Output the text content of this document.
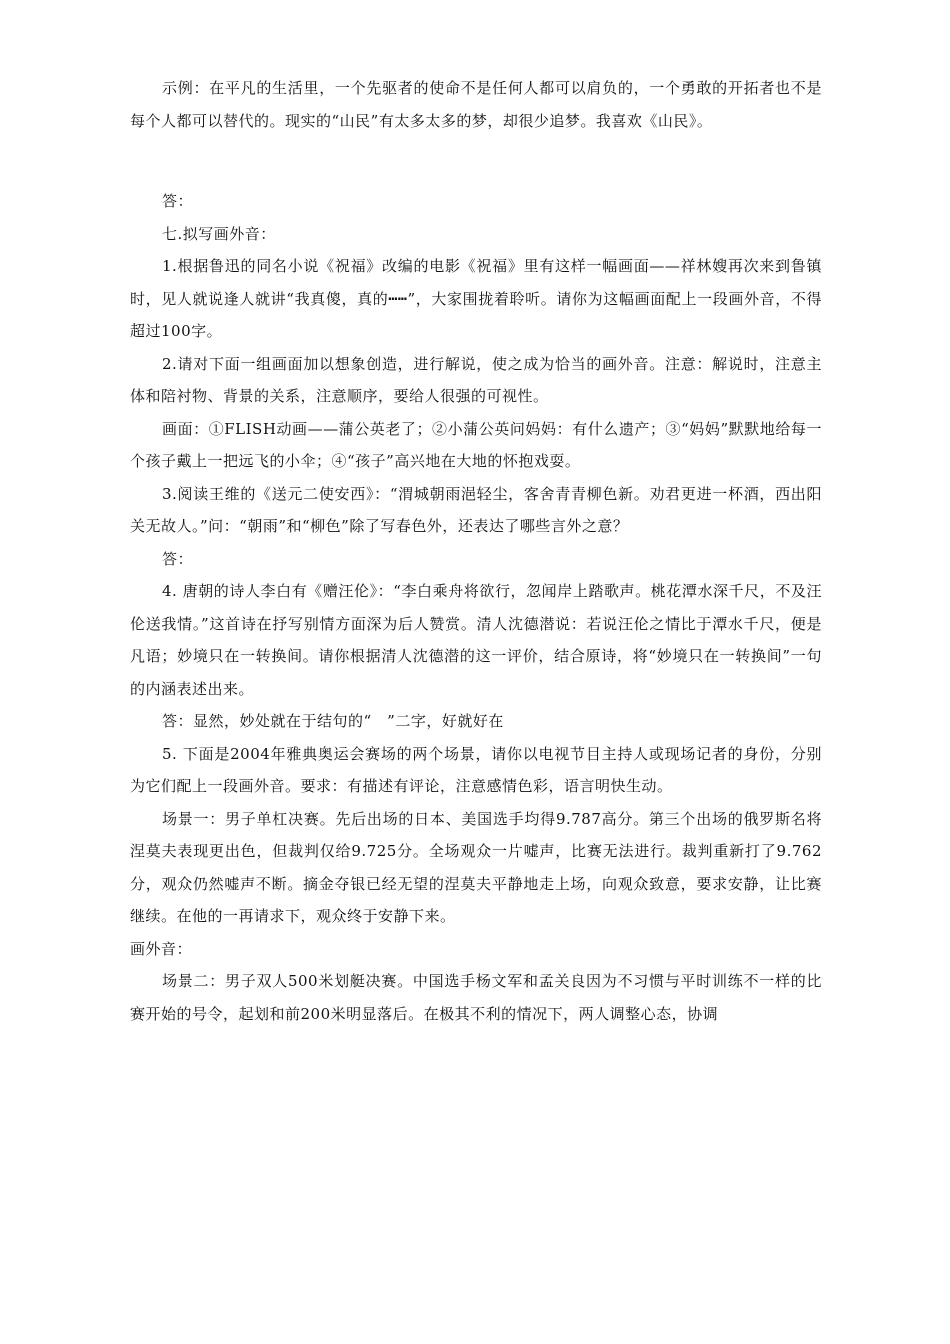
示例：在平凡的生活里，一个先驱者的使命不是任何人都可以肩负的，一个勇敢的开拓者也不是每个人都可以替代的。现实的“山民”有太多太多的梦，却很少追梦。我喜欢《山民》。

答：

七.拟写画外音：

1.根据鲁迅的同名小说《祝福》改编的电影《祝福》里有这样一幅画面——祥林嫂再次来到鲁镇时，见人就说逢人就讲“我真傻，真的┅┅”，大家围拢着聆听。请你为这幅画面配上一段画外音，不得超过100字。

2.请对下面一组画面加以想象创造，进行解说，使之成为恰当的画外音。注意：解说时，注意主体和陪衬物、背景的关系，注意顺序，要给人很强的可视性。

画面：①FLISH动画——蒲公英老了；②小蒲公英问妈妈：有什么遗产；③“妈妈”默默地给每一个孩子戴上一把远飞的小伞；④“孩子”高兴地在大地的怀抱戏耍。

3.阅读王维的《送元二使安西》：“渭城朝雨浥轻尘，客舍青青柳色新。劝君更进一杯酒，西出阳关无故人。”问：“朝雨”和“柳色”除了写春色外，还表达了哪些言外之意？

答：

4. 唐朝的诗人李白有《赠汪伦》：“李白乘舟将欲行，忽闻岸上踏歌声。桃花潭水深千尺，不及汪伦送我情。”这首诗在抒写别情方面深为后人赞赏。清人沈德潜说：若说汪伦之情比于潭水千尺，便是凡语；妙境只在一转换间。请你根据清人沈德潜的这一评价，结合原诗，将“妙境只在一转换间”一句的内涵表述出来。

答：显然，妙处就在于结句的“　”二字，好就好在

5. 下面是2004年雅典奥运会赛场的两个场景，请你以电视节目主持人或现场记者的身份，分别为它们配上一段画外音。要求：有描述有评论，注意感情色彩，语言明快生动。

场景一：男子单杠决赛。先后出场的日本、美国选手均得9.787高分。第三个出场的俄罗斯名将涅莫夫表现更出色，但裁判仅给9.725分。全场观众一片嘘声，比赛无法进行。裁判重新打了9.762分，观众仍然嘘声不断。摘金夺银已经无望的涅莫夫平静地走上场，向观众致意，要求安静，让比赛继续。在他的一再请求下，观众终于安静下来。

画外音：

场景二：男子双人500米划艇决赛。中国选手杨文军和孟关良因为不习惯与平时训练不一样的比赛开始的号令，起划和前200米明显落后。在极其不利的情况下，两人调整心态，协调
